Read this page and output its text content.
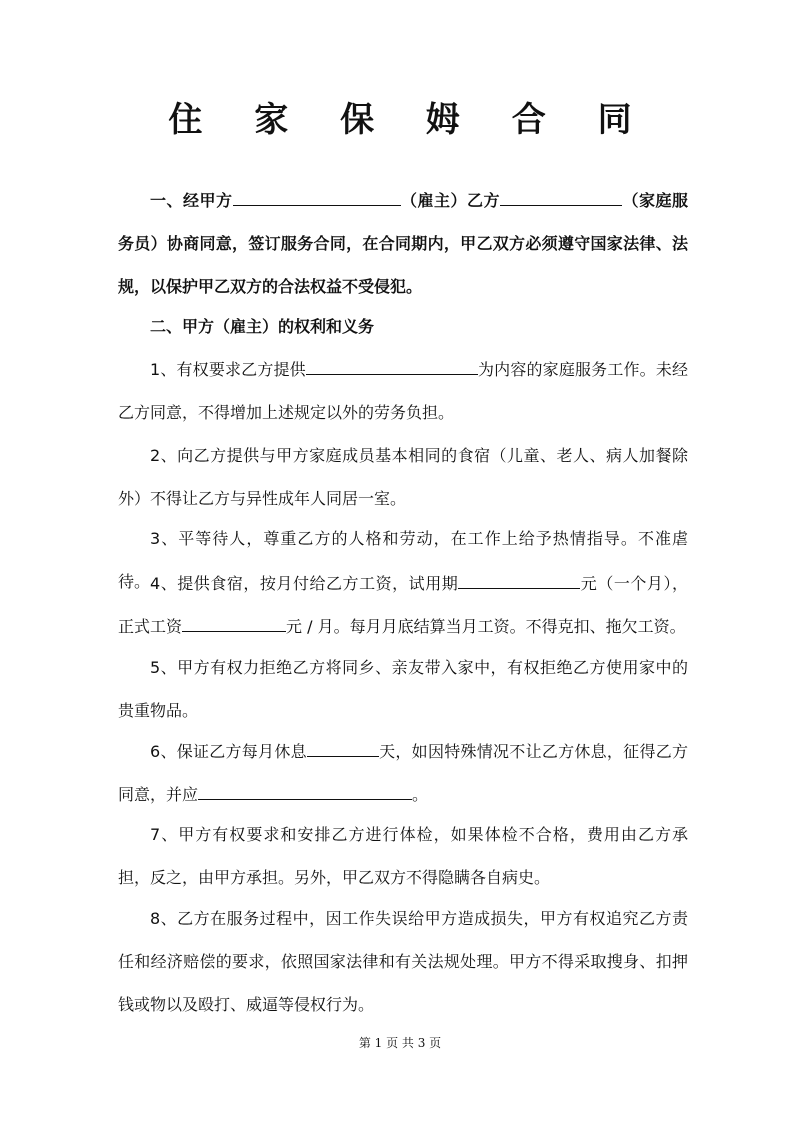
住 家 保 姆 合 同

一、经甲方	（雇主）乙方	（家庭服务员）协商同意，签订服务合同，在合同期内，甲乙双方必须遵守国家法律、法规，以保护甲乙双方的合法权益不受侵犯。

二、甲方（雇主）的权利和义务

1、有权要求乙方提供	为内容的家庭服务工作。未经乙方同意，不得增加上述规定以外的劳务负担。

2、向乙方提供与甲方家庭成员基本相同的食宿（儿童、老人、病人加餐除外）不得让乙方与异性成年人同居一室。

3、平等待人，尊重乙方的人格和劳动，在工作上给予热情指导。不准虐待。 4、提供食宿，按月付给乙方工资，试用期	元（一个月），正式工资	元 / 月。每月月底结算当月工资。不得克扣、拖欠工资。

5、甲方有权力拒绝乙方将同乡、亲友带入家中，有权拒绝乙方使用家中的贵重物品。

6、保证乙方每月休息	天，如因特殊情况不让乙方休息，征得乙方同意，并应	。

7、甲方有权要求和安排乙方进行体检，如果体检不合格，费用由乙方承担，反之，由甲方承担。另外，甲乙双方不得隐瞒各自病史。

8、乙方在服务过程中，因工作失误给甲方造成损失，甲方有权追究乙方责任和经济赔偿的要求，依照国家法律和有关法规处理。甲方不得采取搜身、扣押钱或物以及殴打、威逼等侵权行为。

第 1 页 共 3 页
